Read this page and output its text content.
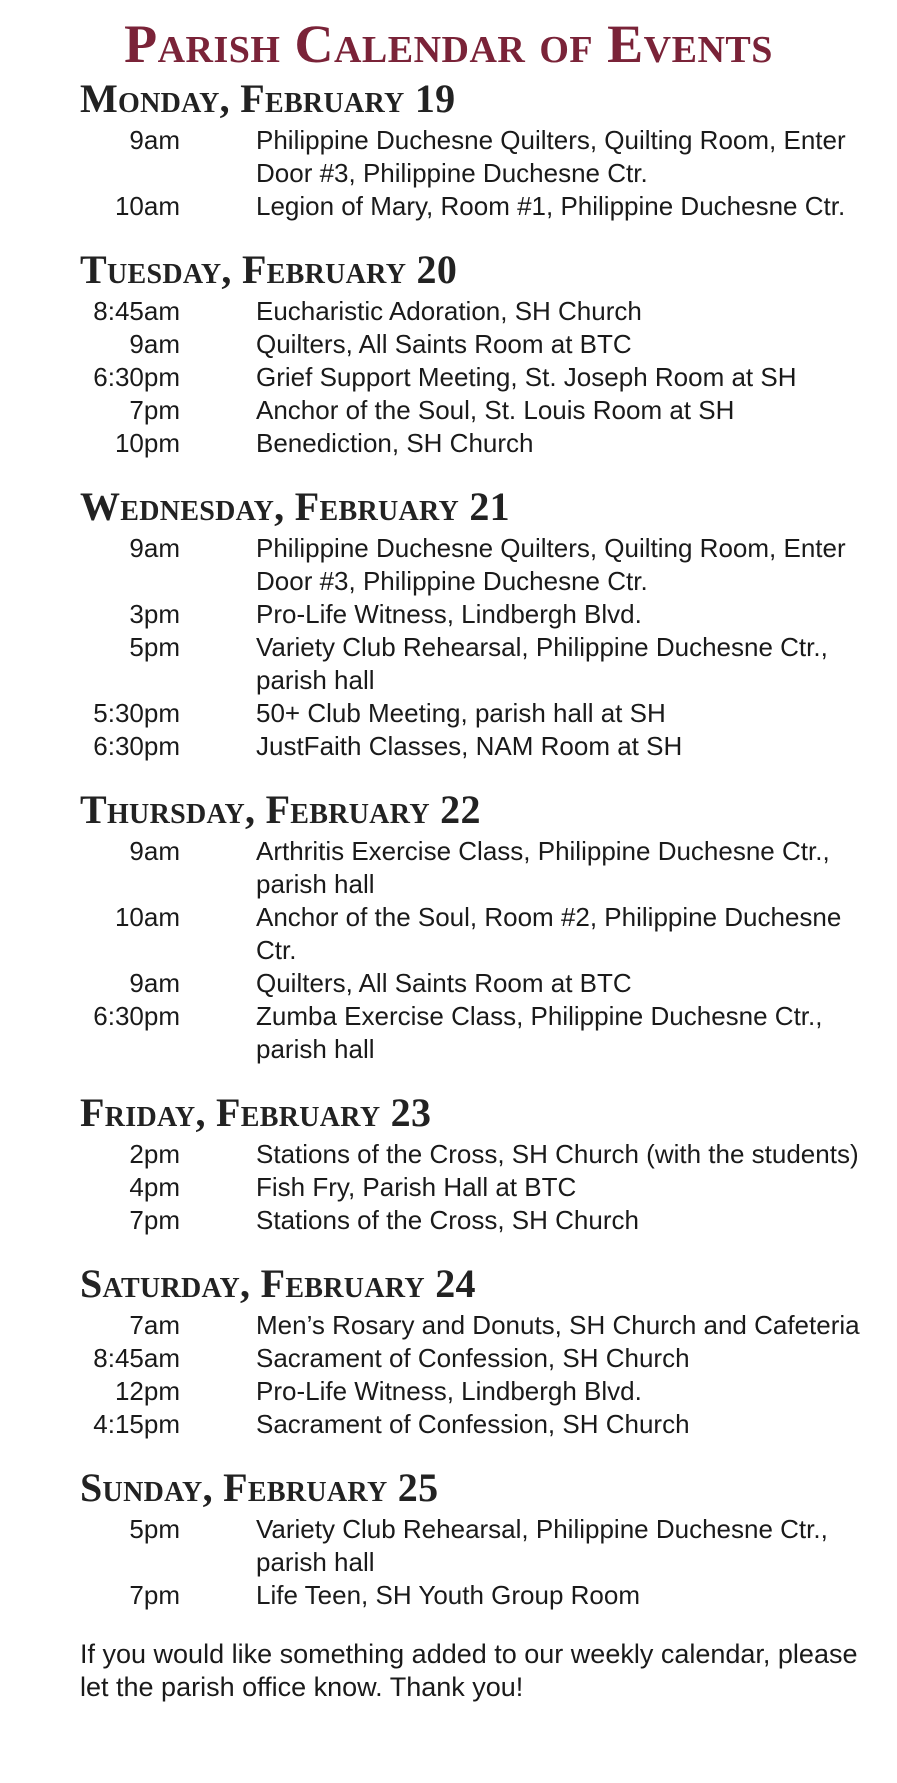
Parish Calendar of Events
Monday, February 19
9am	Philippine Duchesne Quilters, Quilting Room, Enter Door #3, Philippine Duchesne Ctr.
10am	Legion of Mary, Room #1, Philippine Duchesne Ctr.
Tuesday, February 20
8:45am	Eucharistic Adoration, SH Church
9am	Quilters, All Saints Room at BTC
6:30pm	Grief Support Meeting, St. Joseph Room at SH
7pm	Anchor of the Soul, St. Louis Room at SH
10pm	Benediction, SH Church
Wednesday, February 21
9am	Philippine Duchesne Quilters, Quilting Room, Enter Door #3, Philippine Duchesne Ctr.
3pm	Pro-Life Witness, Lindbergh Blvd.
5pm	Variety Club Rehearsal, Philippine Duchesne Ctr., parish hall
5:30pm	50+ Club Meeting, parish hall at SH
6:30pm	JustFaith Classes, NAM Room at SH
Thursday, February 22
9am	Arthritis Exercise Class, Philippine Duchesne Ctr., parish hall
10am	Anchor of the Soul, Room #2, Philippine Duchesne Ctr.
9am	Quilters, All Saints Room at BTC
6:30pm	Zumba Exercise Class, Philippine Duchesne Ctr., parish hall
Friday, February 23
2pm	Stations of the Cross, SH Church (with the students)
4pm	Fish Fry, Parish Hall at BTC
7pm	Stations of the Cross, SH Church
Saturday, February 24
7am	Men’s Rosary and Donuts, SH Church and Cafeteria
8:45am	Sacrament of Confession, SH Church
12pm	Pro-Life Witness, Lindbergh Blvd.
4:15pm	Sacrament of Confession, SH Church
Sunday, February 25
5pm	Variety Club Rehearsal, Philippine Duchesne Ctr., parish hall
7pm	Life Teen, SH Youth Group Room
If you would like something added to our weekly calendar, please let the parish office know. Thank you!
